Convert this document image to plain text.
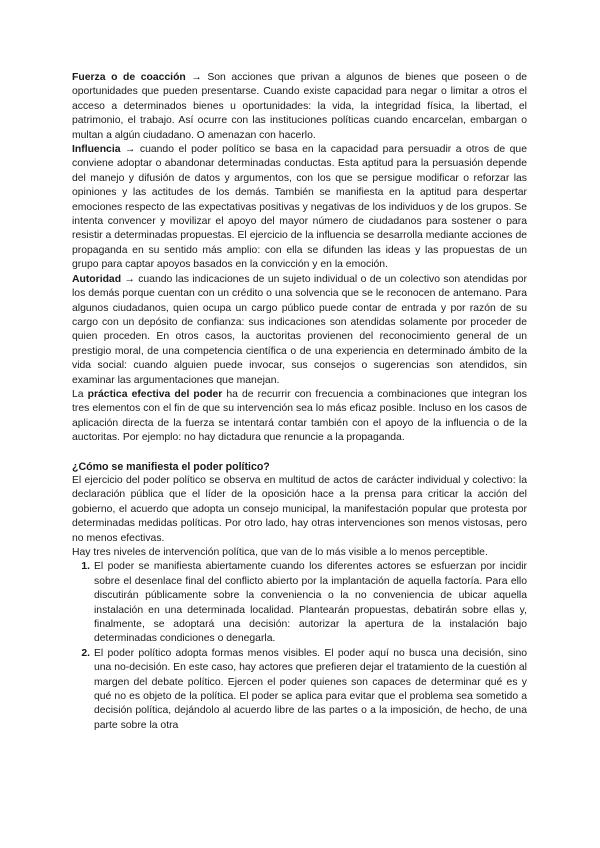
Fuerza o de coacción → Son acciones que privan a algunos de bienes que poseen o de oportunidades que pueden presentarse. Cuando existe capacidad para negar o limitar a otros el acceso a determinados bienes u oportunidades: la vida, la integridad física, la libertad, el patrimonio, el trabajo. Así ocurre con las instituciones políticas cuando encarcelan, embargan o multan a algún ciudadano. O amenazan con hacerlo.

Influencia → cuando el poder político se basa en la capacidad para persuadir a otros de que conviene adoptar o abandonar determinadas conductas. Esta aptitud para la persuasión depende del manejo y difusión de datos y argumentos, con los que se persigue modificar o reforzar las opiniones y las actitudes de los demás. También se manifiesta en la aptitud para despertar emociones respecto de las expectativas positivas y negativas de los individuos y de los grupos. Se intenta convencer y movilizar el apoyo del mayor número de ciudadanos para sostener o para resistir a determinadas propuestas. El ejercicio de la influencia se desarrolla mediante acciones de propaganda en su sentido más amplio: con ella se difunden las ideas y las propuestas de un grupo para captar apoyos basados en la convicción y en la emoción.

Autoridad → cuando las indicaciones de un sujeto individual o de un colectivo son atendidas por los demás porque cuentan con un crédito o una solvencia que se le reconocen de antemano. Para algunos ciudadanos, quien ocupa un cargo público puede contar de entrada y por razón de su cargo con un depósito de confianza: sus indicaciones son atendidas solamente por proceder de quien proceden. En otros casos, la auctoritas provienen del reconocimiento general de un prestigio moral, de una competencia científica o de una experiencia en determinado ámbito de la vida social: cuando alguien puede invocar, sus consejos o sugerencias son atendidos, sin examinar las argumentaciones que manejan.

La práctica efectiva del poder ha de recurrir con frecuencia a combinaciones que integran los tres elementos con el fin de que su intervención sea lo más eficaz posible. Incluso en los casos de aplicación directa de la fuerza se intentará contar también con el apoyo de la influencia o de la auctoritas. Por ejemplo: no hay dictadura que renuncie a la propaganda.

¿Cómo se manifiesta el poder político?

El ejercicio del poder político se observa en multitud de actos de carácter individual y colectivo: la declaración pública que el líder de la oposición hace a la prensa para criticar la acción del gobierno, el acuerdo que adopta un consejo municipal, la manifestación popular que protesta por determinadas medidas políticas. Por otro lado, hay otras intervenciones son menos vistosas, pero no menos efectivas.

Hay tres niveles de intervención política, que van de lo más visible a lo menos perceptible.

1. El poder se manifiesta abiertamente cuando los diferentes actores se esfuerzan por incidir sobre el desenlace final del conflicto abierto por la implantación de aquella factoría. Para ello discutirán públicamente sobre la conveniencia o la no conveniencia de ubicar aquella instalación en una determinada localidad. Plantearán propuestas, debatirán sobre ellas y, finalmente, se adoptará una decisión: autorizar la apertura de la instalación bajo determinadas condiciones o denegarla.
2. El poder político adopta formas menos visibles. El poder aquí no busca una decisión, sino una no-decisión. En este caso, hay actores que prefieren dejar el tratamiento de la cuestión al margen del debate político. Ejercen el poder quienes son capaces de determinar qué es y qué no es objeto de la política. El poder se aplica para evitar que el problema sea sometido a decisión política, dejándolo al acuerdo libre de las partes o a la imposición, de hecho, de una parte sobre la otra
